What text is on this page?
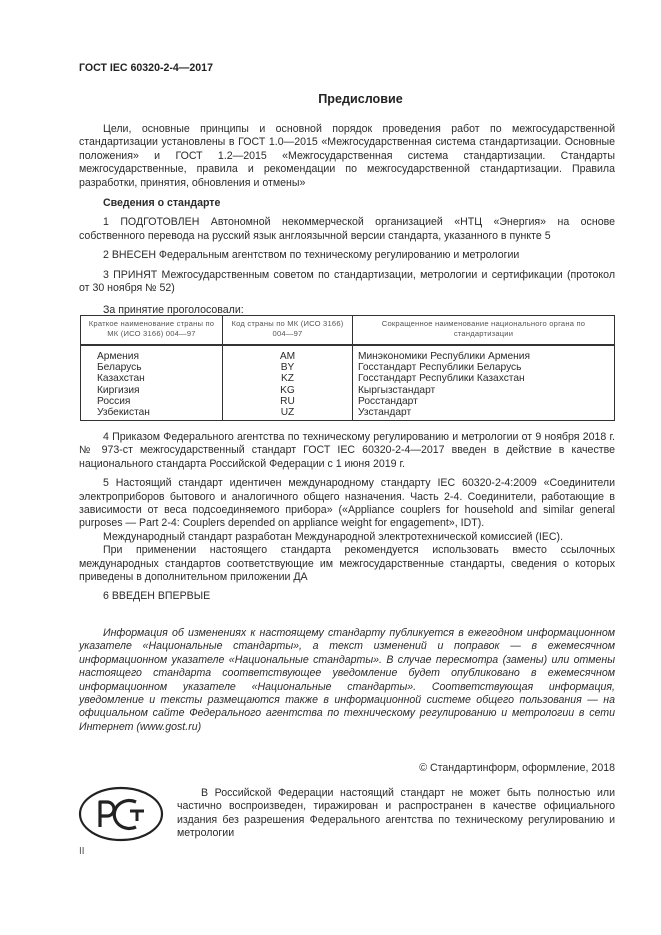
ГОСТ IEC 60320-2-4—2017
Предисловие

Цели, основные принципы и основной порядок проведения работ по межгосударственной стандартизации установлены в ГОСТ 1.0—2015 «Межгосударственная система стандартизации. Основные положения» и ГОСТ 1.2—2015 «Межгосударственная система стандартизации. Стандарты межгосударственные, правила и рекомендации по межгосударственной стандартизации. Правила разработки, принятия, обновления и отмены»

Сведения о стандарте

1 ПОДГОТОВЛЕН Автономной некоммерческой организацией «НТЦ «Энергия» на основе собственного перевода на русский язык англоязычной версии стандарта, указанного в пункте 5

2 ВНЕСЕН Федеральным агентством по техническому регулированию и метрологии

3 ПРИНЯТ Межгосударственным советом по стандартизации, метрологии и сертификации (протокол от 30 ноября № 52)

За принятие проголосовали:

Краткое наименование страны по МК (ИСО 3166) 004—97	Код страны по МК (ИСО 3166) 004—97	Сокращенное наименование национального органа по стандартизации
Армения	AM	Минэкономики Республики Армения
Беларусь	BY	Госстандарт Республики Беларусь
Казахстан	KZ	Госстандарт Республики Казахстан
Киргизия	KG	Кыргызстандарт
Россия	RU	Росстандарт
Узбекистан	UZ	Узстандарт

4 Приказом Федерального агентства по техническому регулированию и метрологии от 9 ноября 2018 г. № 973-ст межгосударственный стандарт ГОСТ IEC 60320-2-4—2017 введен в действие в качестве национального стандарта Российской Федерации с 1 июня 2019 г.

5 Настоящий стандарт идентичен международному стандарту IEC 60320-2-4:2009 «Соединители электроприборов бытового и аналогичного общего назначения. Часть 2-4. Соединители, работающие в зависимости от веса подсоединяемого прибора» («Appliance couplers for household and similar general purposes — Part 2-4: Couplers depended on appliance weight for engagement», IDT).

Международный стандарт разработан Международной электротехнической комиссией (IEC).

При применении настоящего стандарта рекомендуется использовать вместо ссылочных международных стандартов соответствующие им межгосударственные стандарты, сведения о которых приведены в дополнительном приложении ДА

6 ВВЕДЕН ВПЕРВЫЕ

Информация об изменениях к настоящему стандарту публикуется в ежегодном информационном указателе «Национальные стандарты», а текст изменений и поправок — в ежемесячном информационном указателе «Национальные стандарты». В случае пересмотра (замены) или отмены настоящего стандарта соответствующее уведомление будет опубликовано в ежемесячном информационном указателе «Национальные стандарты». Соответствующая информация, уведомление и тексты размещаются также в информационной системе общего пользования — на официальном сайте Федерального агентства по техническому регулированию и метрологии в сети Интернет (www.gost.ru)

© Стандартинформ, оформление, 2018

В Российской Федерации настоящий стандарт не может быть полностью или частично воспроизведен, тиражирован и распространен в качестве официального издания без разрешения Федерального агентства по техническому регулированию и метрологии

II
